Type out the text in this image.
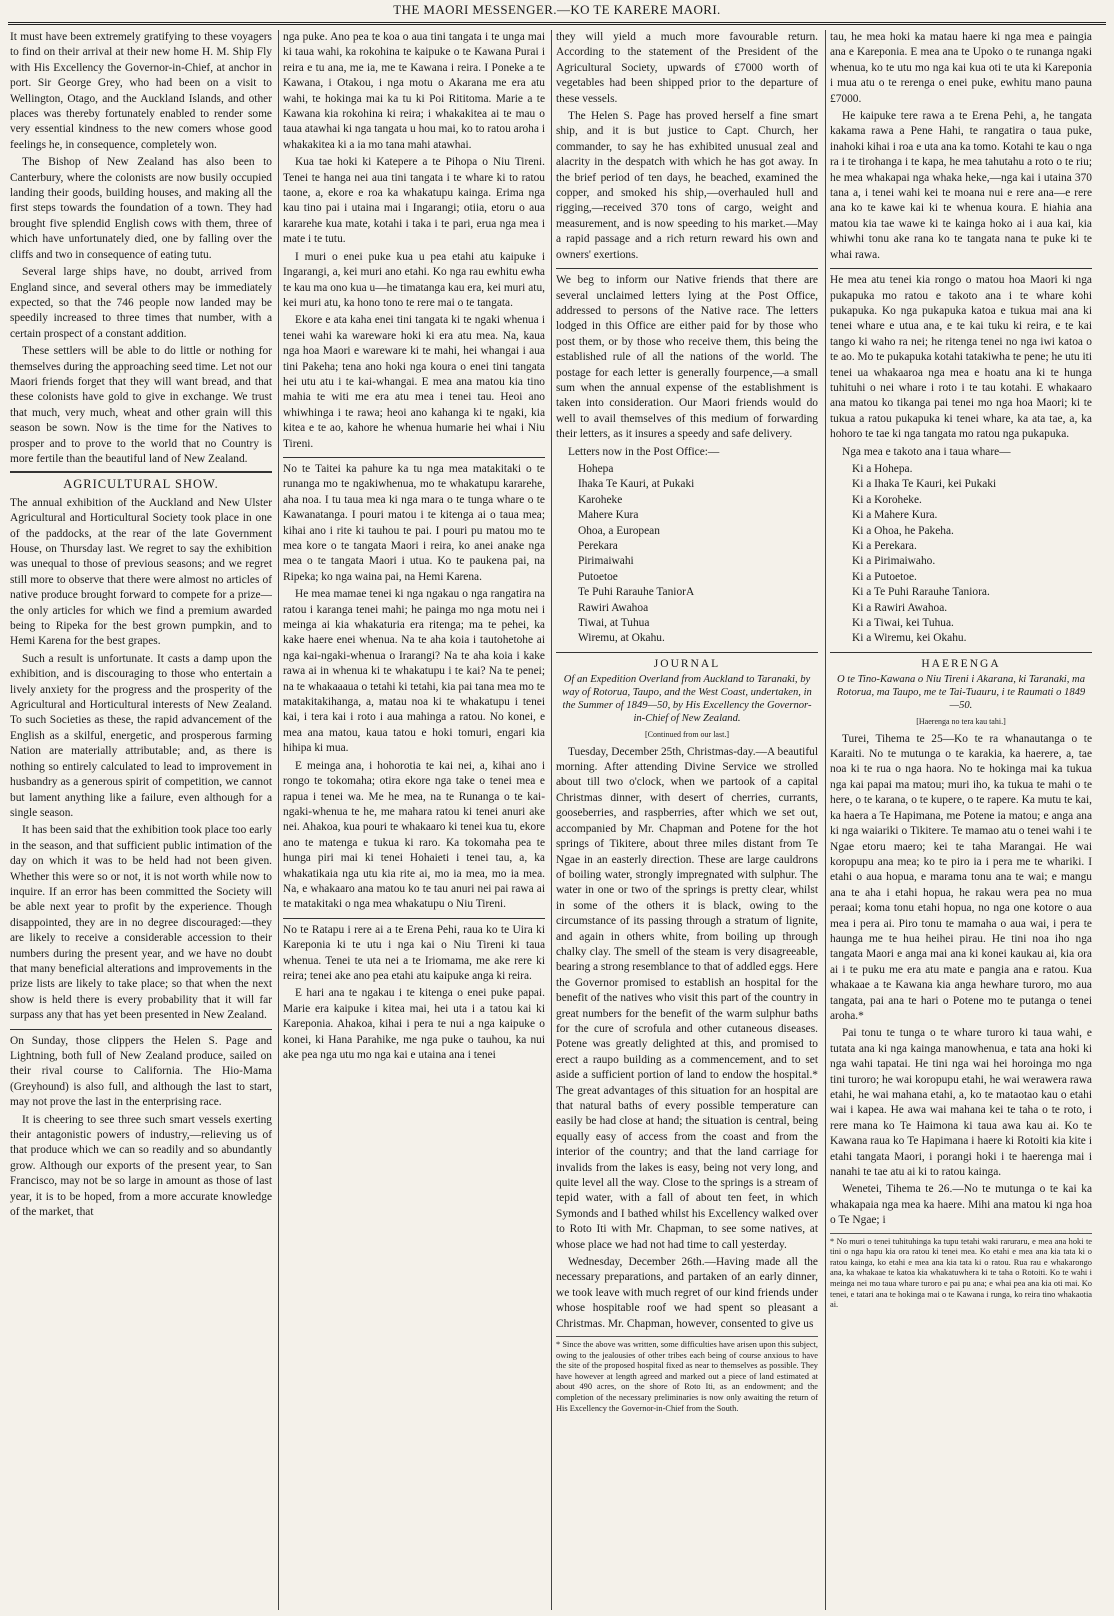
THE MAORI MESSENGER.—KO TE KARERE MAORI.

It must have been extremely gratifying to these voyagers to find on their arrival at their new home H. M. Ship Fly with His Excellency the Governor-in-Chief, at anchor in port. Sir George Grey, who had been on a visit to Wellington, Otago, and the Auckland Islands, and other places was thereby fortunately enabled to render some very essential kindness to the new comers whose good feelings he, in consequence, completely won.

The Bishop of New Zealand has also been to Canterbury, where the colonists are now busily occupied landing their goods, building houses, and making all the first steps towards the foundation of a town. They had brought five splendid English cows with them, three of which have unfortunately died, one by falling over the cliffs and two in consequence of eating tutu.

Several large ships have, no doubt, arrived from England since, and several others may be immediately expected, so that the 746 people now landed may be speedily increased to three times that number, with a certain prospect of a constant addition.

These settlers will be able to do little or nothing for themselves during the approaching seed time. Let not our Maori friends forget that they will want bread, and that these colonists have gold to give in exchange. We trust that much, very much, wheat and other grain will this season be sown. Now is the time for the Natives to prosper and to prove to the world that no Country is more fertile than the beautiful land of New Zealand.

AGRICULTURAL SHOW.

The annual exhibition of the Auckland and New Ulster Agricultural and Horticultural Society took place in one of the paddocks, at the rear of the late Government House, on Thursday last. We regret to say the exhibition was unequal to those of previous seasons; and we regret still more to observe that there were almost no articles of native produce brought forward to compete for a prize—the only articles for which we find a premium awarded being to Ripeka for the best grown pumpkin, and to Hemi Karena for the best grapes.

Such a result is unfortunate. It casts a damp upon the exhibition, and is discouraging to those who entertain a lively anxiety for the progress and the prosperity of the Agricultural and Horticultural interests of New Zealand. To such Societies as these, the rapid advancement of the English as a skilful, energetic, and prosperous farming Nation are materially attributable; and, as there is nothing so entirely calculated to lead to improvement in husbandry as a generous spirit of competition, we cannot but lament anything like a failure, even although for a single season.

It has been said that the exhibition took place too early in the season, and that sufficient public intimation of the day on which it was to be held had not been given. Whether this were so or not, it is not worth while now to inquire. If an error has been committed the Society will be able next year to profit by the experience. Though disappointed, they are in no degree discouraged:—they are likely to receive a considerable accession to their numbers during the present year, and we have no doubt that many beneficial alterations and improvements in the prize lists are likely to take place; so that when the next show is held there is every probability that it will far surpass any that has yet been presented in New Zealand.

On Sunday, those clippers the Helen S. Page and Lightning, both full of New Zealand produce, sailed on their rival course to California. The Hio-Mama (Greyhound) is also full, and although the last to start, may not prove the last in the enterprising race.

It is cheering to see three such smart vessels exerting their antagonistic powers of industry,—relieving us of that produce which we can so readily and so abundantly grow. Although our exports of the present year, to San Francisco, may not be so large in amount as those of last year, it is to be hoped, from a more accurate knowledge of the market, that

nga puke. Ano pea te koa o aua tini tangata i te unga mai ki taua wahi, ka rokohina te kaipuke o te Kawana Purai i reira e tu ana, me ia, me te Kawana i reira. I Poneke a te Kawana, i Otakou, i nga motu o Akarana me era atu wahi, te hokinga mai ka tu ki Poi Rititoma. Marie a te Kawana kia rokohina ki reira; i whakakitea ai te mau o taua atawhai ki nga tangata u hou mai, ko to ratou aroha i whakakitea ki a ia mo tana mahi atawhai.

Kua tae hoki ki Katepere a te Pihopa o Niu Tireni. Tenei te hanga nei aua tini tangata i te whare ki to ratou taone, a, ekore e roa ka whakatupu kainga. Erima nga kau tino pai i utaina mai i Ingarangi; otiia, etoru o aua kararehe kua mate, kotahi i taka i te pari, erua nga mea i mate i te tutu.

I muri o enei puke kua u pea etahi atu kaipuke i Ingarangi, a, kei muri ano etahi. Ko nga rau ewhitu ewha te kau ma ono kua u—he timatanga kau era, kei muri atu, kei muri atu, ka hono tono te rere mai o te tangata.

Ekore e ata kaha enei tini tangata ki te ngaki whenua i tenei wahi ka wareware hoki ki era atu mea. Na, kaua nga hoa Maori e wareware ki te mahi, hei whangai i aua tini Pakeha; tena ano hoki nga koura o enei tini tangata hei utu atu i te kai-whangai. E mea ana matou kia tino mahia te witi me era atu mea i tenei tau. Heoi ano whiwhinga i te rawa; heoi ano kahanga ki te ngaki, kia kitea e te ao, kahore he whenua humarie hei whai i Niu Tireni.

No te Taitei ka pahure ka tu nga mea matakitaki o te runanga mo te ngakiwhenua, mo te whakatupu kararehe, aha noa. I tu taua mea ki nga mara o te tunga whare o te Kawanatanga. I pouri matou i te kitenga ai o taua mea; kihai ano i rite ki tauhou te pai. I pouri pu matou mo te mea kore o te tangata Maori i reira, ko anei anake nga mea o te tangata Maori i utua. Ko te paukena pai, na Ripeka; ko nga waina pai, na Hemi Karena.

He mea mamae tenei ki nga ngakau o nga rangatira na ratou i karanga tenei mahi; he painga mo nga motu nei i meinga ai kia whakaturia era ritenga; ma te pehei, ka kake haere enei whenua. Na te aha koia i tautohetohe ai nga kai-ngaki-whenua o Irarangi? Na te aha koia i kake rawa ai in whenua ki te whakatupu i te kai? Na te penei; na te whakaaaua o tetahi ki tetahi, kia pai tana mea mo te matakitakihanga, a, matau noa ki te whakatupu i tenei kai, i tera kai i roto i aua mahinga a ratou. No konei, e mea ana matou, kaua tatou e hoki tomuri, engari kia hihipa ki mua.

E meinga ana, i hohorotia te kai nei, a, kihai ano i rongo te tokomaha; otira ekore nga take o tenei mea e rapua i tenei wa. Me he mea, na te Runanga o te kai-ngaki-whenua te he, me mahara ratou ki tenei anuri ake nei. Ahakoa, kua pouri te whakaaro ki tenei kua tu, ekore ano te matenga e tukua ki raro. Ka tokomaha pea te hunga piri mai ki tenei Hohaieti i tenei tau, a, ka whakatikaia nga utu kia rite ai, mo ia mea, mo ia mea. Na, e whakaaro ana matou ko te tau anuri nei pai rawa ai te matakitaki o nga mea whakatupu o Niu Tireni.

No te Ratapu i rere ai a te Erena Pehi, raua ko te Uira ki Kareponia ki te utu i nga kai o Niu Tireni ki taua whenua. Tenei te uta nei a te Iriomama, me ake rere ki reira; tenei ake ano pea etahi atu kaipuke anga ki reira.

E hari ana te ngakau i te kitenga o enei puke papai. Marie era kaipuke i kitea mai, hei uta i a tatou kai ki Kareponia. Ahakoa, kihai i pera te nui a nga kaipuke o konei, ki Hana Parahike, me nga puke o tauhou, ka nui ake pea nga utu mo nga kai e utaina ana i tenei

they will yield a much more favourable return. According to the statement of the President of the Agricultural Society, upwards of £7000 worth of vegetables had been shipped prior to the departure of these vessels.

The Helen S. Page has proved herself a fine smart ship, and it is but justice to Capt. Church, her commander, to say he has exhibited unusual zeal and alacrity in the despatch with which he has got away. In the brief period of ten days, he beached, examined the copper, and smoked his ship,—overhauled hull and rigging,—received 370 tons of cargo, weight and measurement, and is now speeding to his market.—May a rapid passage and a rich return reward his own and owners' exertions.

We beg to inform our Native friends that there are several unclaimed letters lying at the Post Office, addressed to persons of the Native race. The letters lodged in this Office are either paid for by those who post them, or by those who receive them, this being the established rule of all the nations of the world. The postage for each letter is generally fourpence,—a small sum when the annual expense of the establishment is taken into consideration. Our Maori friends would do well to avail themselves of this medium of forwarding their letters, as it insures a speedy and safe delivery.

Letters now in the Post Office:—

Hohepa
Ihaka Te Kauri, at Pukaki
Karoheke
Mahere Kura
Ohoa, a European
Perekara
Pirimaiwahi
Putoetoe
Te Puhi Rarauhe TaniorA
Rawiri Awahoa
Tiwai, at Tuhua
Wiremu, at Okahu.
JOURNAL
Of an Expedition Overland from Auckland to Taranaki, by way of Rotorua, Taupo, and the West Coast, undertaken, in the Summer of 1849—50, by His Excellency the Governor-in-Chief of New Zealand.
[Continued from our last.]

Tuesday, December 25th, Christmas-day.—A beautiful morning. After attending Divine Service we strolled about till two o'clock, when we partook of a capital Christmas dinner, with desert of cherries, currants, gooseberries, and raspberries, after which we set out, accompanied by Mr. Chapman and Potene for the hot springs of Tikitere, about three miles distant from Te Ngae in an easterly direction. These are large cauldrons of boiling water, strongly impregnated with sulphur. The water in one or two of the springs is pretty clear, whilst in some of the others it is black, owing to the circumstance of its passing through a stratum of lignite, and again in others white, from boiling up through chalky clay. The smell of the steam is very disagreeable, bearing a strong resemblance to that of addled eggs. Here the Governor promised to establish an hospital for the benefit of the natives who visit this part of the country in great numbers for the benefit of the warm sulphur baths for the cure of scrofula and other cutaneous diseases. Potene was greatly delighted at this, and promised to erect a raupo building as a commencement, and to set aside a sufficient portion of land to endow the hospital.* The great advantages of this situation for an hospital are that natural baths of every possible temperature can easily be had close at hand; the situation is central, being equally easy of access from the coast and from the interior of the country; and that the land carriage for invalids from the lakes is easy, being not very long, and quite level all the way. Close to the springs is a stream of tepid water, with a fall of about ten feet, in which Symonds and I bathed whilst his Excellency walked over to Roto Iti with Mr. Chapman, to see some natives, at whose place we had not had time to call yesterday.

Wednesday, December 26th.—Having made all the necessary preparations, and partaken of an early dinner, we took leave with much regret of our kind friends under whose hospitable roof we had spent so pleasant a Christmas. Mr. Chapman, however, consented to give us

* Since the above was written, some difficulties have arisen upon this subject, owing to the jealousies of other tribes each being of course anxious to have the site of the proposed hospital fixed as near to themselves as possible. They have however at length agreed and marked out a piece of land estimated at about 490 acres, on the shore of Roto Iti, as an endowment; and the completion of the necessary preliminaries is now only awaiting the return of His Excellency the Governor-in-Chief from the South.

tau, he mea hoki ka matau haere ki nga mea e paingia ana e Kareponia. E mea ana te Upoko o te runanga ngaki whenua, ko te utu mo nga kai kua oti te uta ki Kareponia i mua atu o te rerenga o enei puke, ewhitu mano pauna £7000.

He kaipuke tere rawa a te Erena Pehi, a, he tangata kakama rawa a Pene Hahi, te rangatira o taua puke, inahoki kihai i roa e uta ana ka tomo. Kotahi te kau o nga ra i te tirohanga i te kapa, he mea tahutahu a roto o te riu; he mea whakapai nga whaka heke,—nga kai i utaina 370 tana a, i tenei wahi kei te moana nui e rere ana—e rere ana ko te kawe kai ki te whenua koura. E hiahia ana matou kia tae wawe ki te kainga hoko ai i aua kai, kia whiwhi tonu ake rana ko te tangata nana te puke ki te whai rawa.

He mea atu tenei kia rongo o matou hoa Maori ki nga pukapuka mo ratou e takoto ana i te whare kohi pukapuka. Ko nga pukapuka katoa e tukua mai ana ki tenei whare e utua ana, e te kai tuku ki reira, e te kai tango ki waho ra nei; he ritenga tenei no nga iwi katoa o te ao. Mo te pukapuka kotahi tatakiwha te pene; he utu iti tenei ua whakaaroa nga mea e hoatu ana ki te hunga tuhituhi o nei whare i roto i te tau kotahi. E whakaaro ana matou ko tikanga pai tenei mo nga hoa Maori; ki te tukua a ratou pukapuka ki tenei whare, ka ata tae, a, ka hohoro te tae ki nga tangata mo ratou nga pukapuka.

Nga mea e takoto ana i taua whare—

Ki a Hohepa.
Ki a Ihaka Te Kauri, kei Pukaki
Ki a Koroheke.
Ki a Mahere Kura.
Ki a Ohoa, he Pakeha.
Ki a Perekara.
Ki a Pirimaiwaho.
Ki a Putoetoe.
Ki a Te Puhi Rarauhe Taniora.
Ki a Rawiri Awahoa.
Ki a Tiwai, kei Tuhua.
Ki a Wiremu, kei Okahu.
HAERENGA
O te Tino-Kawana o Niu Tireni i Akarana, ki Taranaki, ma Rotorua, ma Taupo, me te Tai-Tuauru, i te Raumati o 1849—50.
[Haerenga no tera kau tahi.]

Turei, Tihema te 25—Ko te ra whanautanga o te Karaiti. No te mutunga o te karakia, ka haerere, a, tae noa ki te rua o nga haora. No te hokinga mai ka tukua nga kai papai ma matou; muri iho, ka tukua te mahi o te here, o te karana, o te kupere, o te rapere. Ka mutu te kai, ka haera a Te Hapimana, me Potene ia matou; e anga ana ki nga waiariki o Tikitere. Te mamao atu o tenei wahi i te Ngae etoru maero; kei te taha Marangai. He wai koropupu ana mea; ko te piro ia i pera me te whariki. I etahi o aua hopua, e marama tonu ana te wai; e mangu ana te aha i etahi hopua, he rakau wera pea no mua peraai; koma tonu etahi hopua, no nga one kotore o aua mea i pera ai. Piro tonu te mamaha o aua wai, i pera te haunga me te hua heihei pirau. He tini noa iho nga tangata Maori e anga mai ana ki konei kaukau ai, kia ora ai i te puku me era atu mate e pangia ana e ratou. Kua whakaae a te Kawana kia anga hewhare turoro, mo aua tangata, pai ana te hari o Potene mo te putanga o tenei aroha.*

Pai tonu te tunga o te whare turoro ki taua wahi, e tutata ana ki nga kainga manowhenua, e tata ana hoki ki nga wahi tapatai. He tini nga wai hei horoinga mo nga tini turoro; he wai koropupu etahi, he wai werawera rawa etahi, he wai mahana etahi, a, ko te mataotao kau o etahi wai i kapea. He awa wai mahana kei te taha o te roto, i rere mana ko Te Haimona ki taua awa kau ai. Ko te Kawana raua ko Te Hapimana i haere ki Rotoiti kia kite i etahi tangata Maori, i porangi hoki i te haerenga mai i nanahi te tae atu ai ki to ratou kainga.

Wenetei, Tihema te 26.—No te mutunga o te kai ka whakapaia nga mea ka haere. Mihi ana matou ki nga hoa o Te Ngae; i

* No muri o tenei tuhituhinga ka tupu tetahi waki raruraru, e mea ana hoki te tini o nga hapu kia ora ratou ki tenei mea. Ko etahi e mea ana kia tata ki o ratou kainga, ko etahi e mea ana kia tata ki o ratou. Rua rau e whakarongo ana, ka whakaae te katoa kia whakatuwhera ki te taha o Rotoiti. Ko te wahi i meinga nei mo taua whare turoro e pai pu ana; e whai pea ana kia oti mai. Ko tenei, e tatari ana te hokinga mai o te Kawana i runga, ko reira tino whakaotia ai.
